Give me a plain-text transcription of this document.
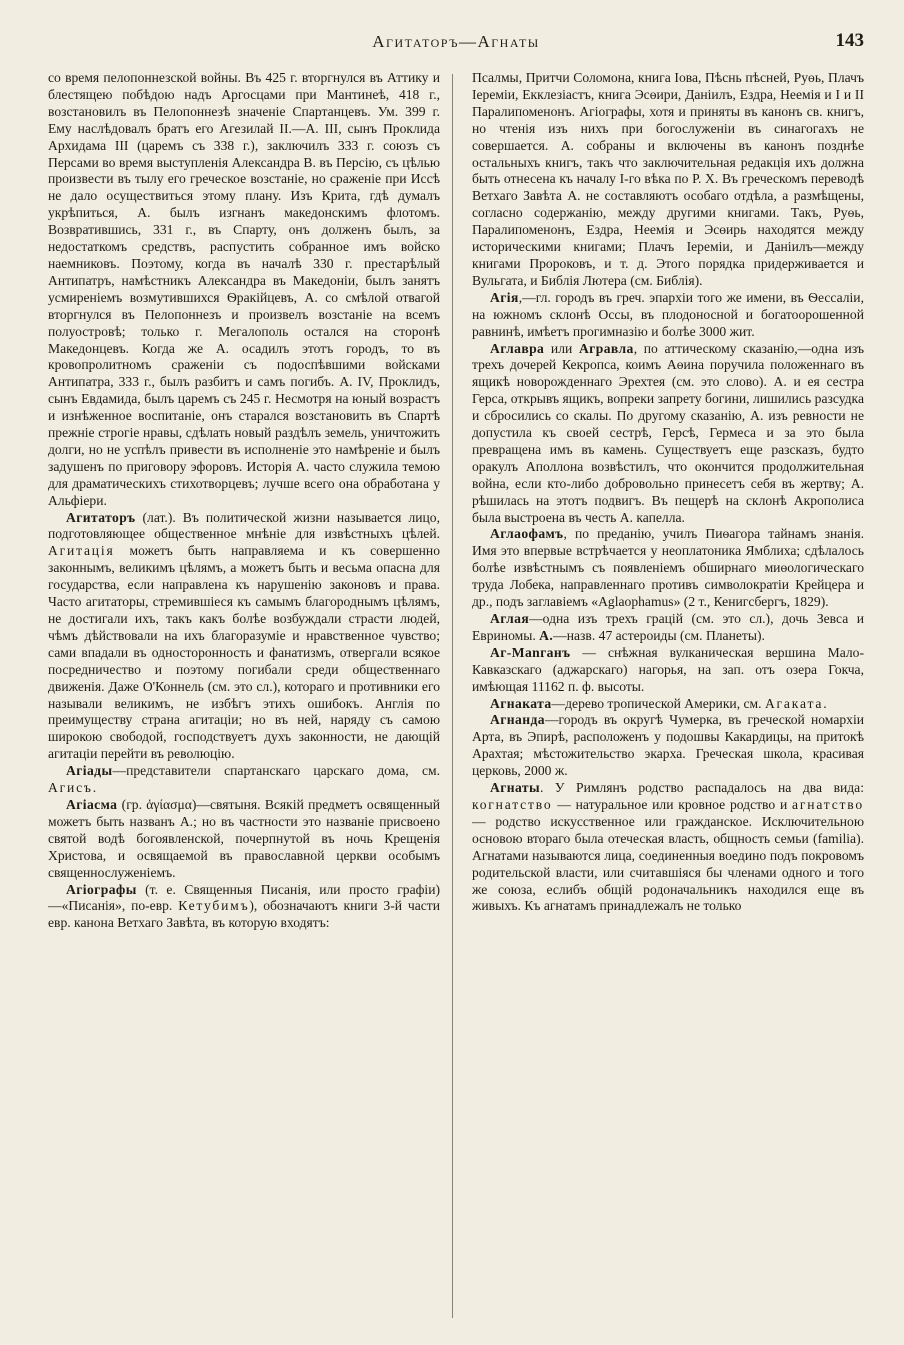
Агитаторъ—Агнаты	143

со время пелопоннезской войны. Въ 425 г. вторгнулся въ Аттику и блестящею побѣдою надъ Аргосцами при Мантинеѣ, 418 г., возстановилъ въ Пелопоннезѣ значеніе Спартанцевъ. Ум. 399 г. Ему наслѣдовалъ братъ его Агезилай II.—А. III, сынъ Проклида Архидама III (царемъ съ 338 г.), заключилъ 333 г. союзъ съ Персами во время выступленія Александра В. въ Персію, съ цѣлью произвести въ тылу его греческое возстаніе, но сраженіе при Иссѣ не дало осуществиться этому плану. Изъ Крита, гдѣ думалъ укрѣпиться, А. былъ изгнанъ македонскимъ флотомъ. Возвратившись, 331 г., въ Спарту, онъ долженъ былъ, за недостаткомъ средствъ, распустить собранное имъ войско наемниковъ. Поэтому, когда въ началѣ 330 г. престарѣлый Антипатръ, намѣстникъ Александра въ Македоніи, былъ занятъ усмиреніемъ возмутившихся Ѳракійцевъ, А. со смѣлой отвагой вторгнулся въ Пелопоннезъ и произвелъ возстаніе на всемъ полуостровѣ; только г. Мегалополь остался на сторонѣ Македонцевъ. Когда же А. осадилъ этотъ городъ, то въ кровопролитномъ сраженіи съ подоспѣвшими войсками Антипатра, 333 г., былъ разбитъ и самъ погибъ. А. IV, Проклидъ, сынъ Евдамида, былъ царемъ съ 245 г. Несмотря на юный возрастъ и изнѣженное воспитаніе, онъ старался возстановить въ Спартѣ прежніе строгіе нравы, сдѣлать новый раздѣлъ земель, уничтожить долги, но не успѣлъ привести въ исполненіе это намѣреніе и былъ задушенъ по приговору эфоровъ. Исторія А. часто служила темою для драматическихъ стихотворцевъ; лучше всего она обработана у Альфіери.

Агитаторъ (лат.). Въ политической жизни называется лицо, подготовляющее общественное мнѣніе для извѣстныхъ цѣлей. Агитація можетъ быть направляема и къ совершенно законнымъ, великимъ цѣлямъ, а можетъ быть и весьма опасна для государства, если направлена къ нарушенію законовъ и права. Часто агитаторы, стремившіеся къ самымъ благороднымъ цѣлямъ, не достигали ихъ, такъ какъ болѣе возбуждали страсти людей, чѣмъ дѣйствовали на ихъ благоразуміе и нравственное чувство; сами впадали въ односторонность и фанатизмъ, отвергали всякое посредничество и поэтому погибали среди общественнаго движенія. Даже О'Коннель (см. это сл.), котораго и противники его называли великимъ, не избѣгъ этихъ ошибокъ. Англія по преимуществу страна агитаціи; но въ ней, наряду съ самою широкою свободой, господствуетъ духъ законности, не дающій агитаціи перейти въ революцію.

Агіады—представители спартанскаго царскаго дома, см. Агисъ.

Агіасма (гр. ἁγίασμα)—святыня. Всякій предметъ освященный можетъ быть названъ А.; но въ частности это названіе присвоено святой водѣ богоявленской, почерпнутой въ ночь Крещенія Христова, и освящаемой въ православной церкви особымъ священнослуженіемъ.

Агіографы (т. е. Священныя Писанія, или просто графіи)—«Писанія», по-евр. Кетубимъ), обозначаютъ книги 3-й части евр. канона Ветхаго Завѣта, въ которую входятъ:

Псалмы, Притчи Соломона, книга Іова, Пѣснь пѣсней, Руѳь, Плачъ Іереміи, Екклезіастъ, книга Эсѳири, Даніилъ, Ездра, Неемія и I и II Паралипоменонъ. Агіографы, хотя и приняты въ канонъ св. книгъ, но чтенія изъ нихъ при богослуженіи въ синагогахъ не совершается. А. собраны и включены въ канонъ позднѣе остальныхъ книгъ, такъ что заключительная редакція ихъ должна быть отнесена къ началу I-го вѣка по Р. Х. Въ греческомъ переводѣ Ветхаго Завѣта А. не составляютъ особаго отдѣла, а размѣщены, согласно содержанію, между другими книгами. Такъ, Руѳь, Паралипоменонъ, Ездра, Неемія и Эсѳирь находятся между историческими книгами; Плачъ Іереміи, и Даніилъ—между книгами Пророковъ, и т. д. Этого порядка придерживается и Вульгата, и Библія Лютера (см. Библія).

Агія,—гл. городъ въ греч. эпархіи того же имени, въ Ѳессаліи, на южномъ склонѣ Оссы, въ плодоносной и богатоорошенной равнинѣ, имѣетъ прогимназію и болѣе 3000 жит.

Аглавра или Агравла, по аттическому сказанію,—одна изъ трехъ дочерей Кекропса, коимъ Аѳина поручила положеннаго въ ящикѣ новорожденнаго Эрехтея (см. это слово). А. и ея сестра Герса, открывъ ящикъ, вопреки запрету богини, лишились разсудка и сбросились со скалы. По другому сказанію, А. изъ ревности не допустила къ своей сестрѣ, Герсѣ, Гермеса и за это была превращена имъ въ камень. Существуетъ еще разсказъ, будто оракулъ Аполлона возвѣстилъ, что окончится продолжительная война, если кто-либо добровольно принесетъ себя въ жертву; А. рѣшилась на этотъ подвигъ. Въ пещерѣ на склонѣ Акрополиса была выстроена въ честь А. капелла.

Аглаофамъ, по преданію, училъ Пиѳагора тайнамъ знанія. Имя это впервые встрѣчается у неоплатоника Ямблиха; сдѣлалось болѣе извѣстнымъ съ появленіемъ обширнаго миѳологическаго труда Лобека, направленнаго противъ символократіи Крейцера и др., подъ заглавіемъ «Aglaophamus» (2 т., Кенигсбергъ, 1829).

Аглая—одна изъ трехъ грацій (см. это сл.), дочь Зевса и Евриномы. А.—назв. 47 астероиды (см. Планеты).

Аг-Мanганъ — снѣжная вулканическая вершина Мало-Кавказскаго (аджарскаго) нагорья, на зап. отъ озера Гокча, имѣющая 11162 п. ф. высоты.

Агнаката—дерево тропической Америки, см. Агаката.

Агнанда—городъ въ округѣ Чумерка, въ греческой номархіи Арта, въ Эпирѣ, расположенъ у подошвы Какардицы, на притокѣ Арахтая; мѣстожительство экарха. Греческая школа, красивая церковь, 2000 ж.

Агнаты. У Римлянъ родство распадалось на два вида: когнатство — натуральное или кровное родство и агнатство — родство искусственное или гражданское. Исключительною основою втораго была отеческая власть, общность семьи (familia). Агнатами называются лица, соединенныя воедино подъ покровомъ родительской власти, или считавшіяся бы членами одного и того же союза, еслибъ общій родоначальникъ находился еще въ живыхъ. Къ агнатамъ принадлежалъ не только
